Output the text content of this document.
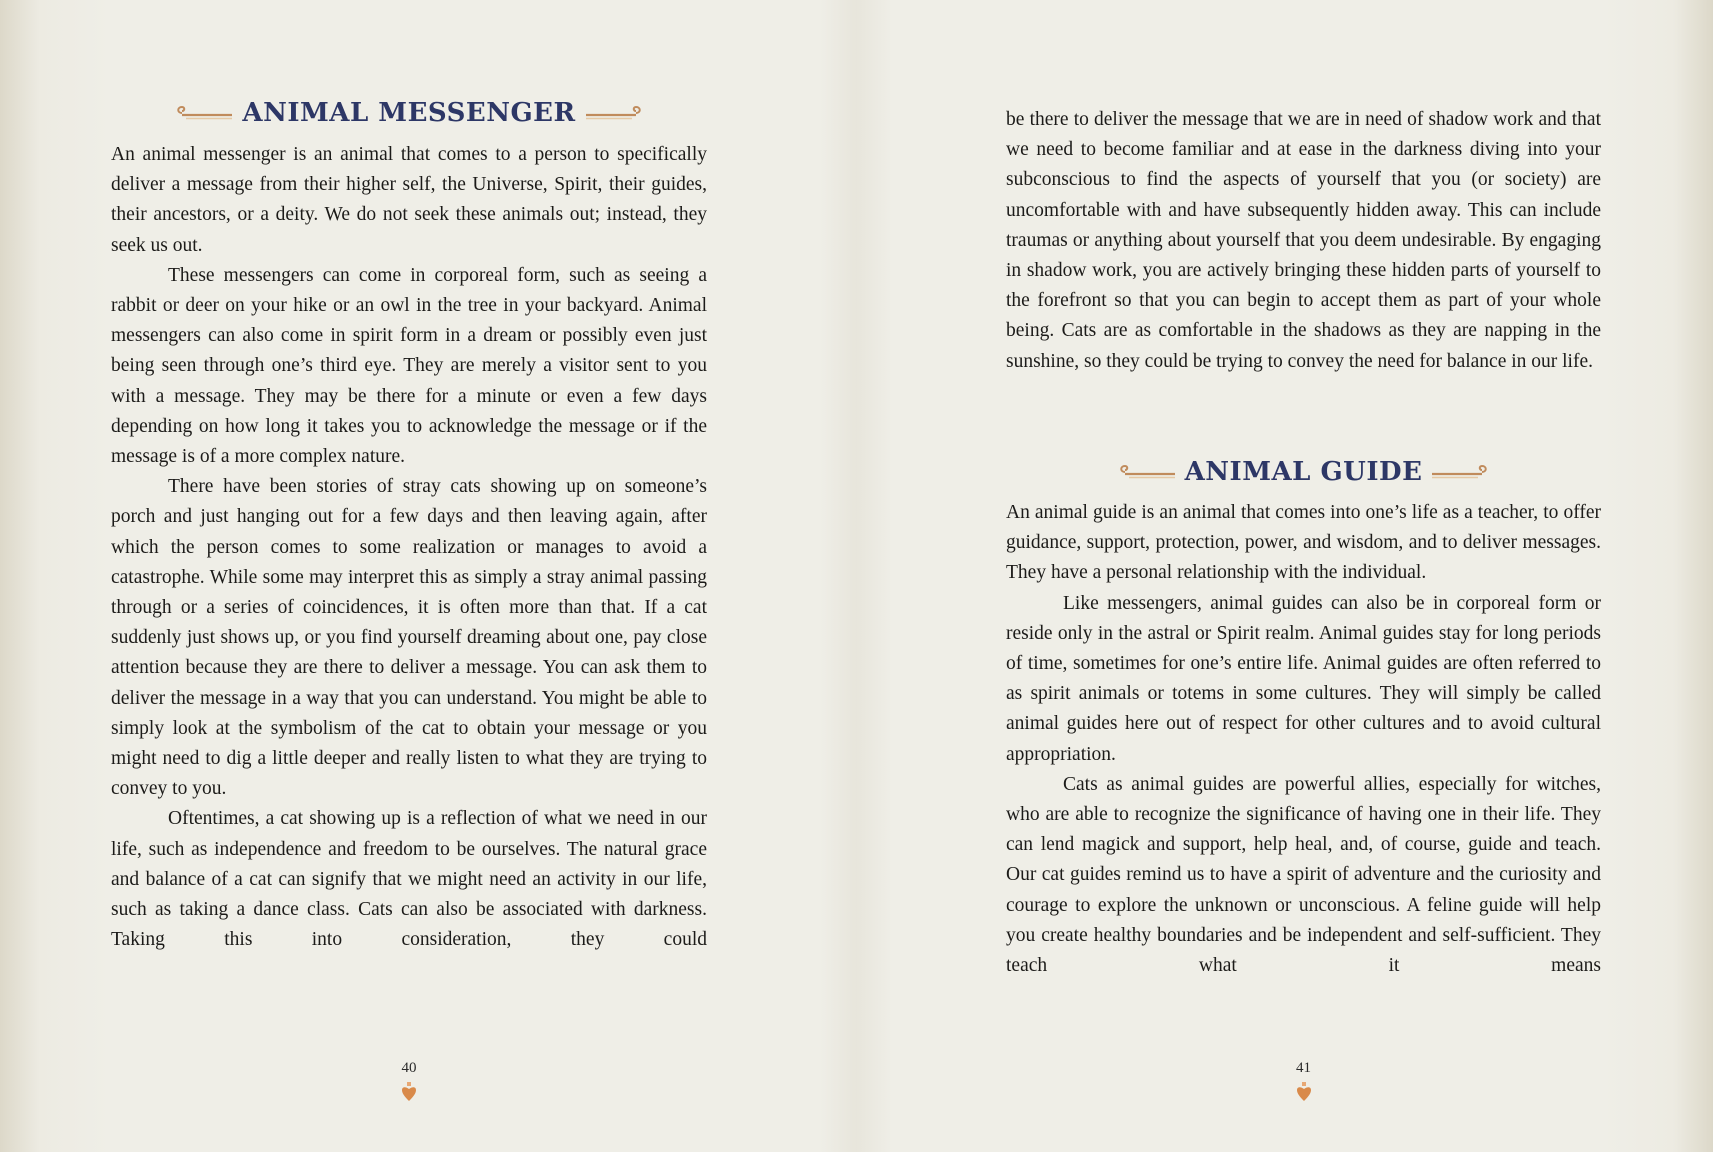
ANIMAL MESSENGER

An animal messenger is an animal that comes to a person to specifically deliver a message from their higher self, the Universe, Spirit, their guides, their ancestors, or a deity. We do not seek these animals out; instead, they seek us out.

These messengers can come in corporeal form, such as seeing a rabbit or deer on your hike or an owl in the tree in your backyard. Animal messengers can also come in spirit form in a dream or possibly even just being seen through one’s third eye. They are merely a visitor sent to you with a message. They may be there for a minute or even a few days depending on how long it takes you to acknowledge the message or if the message is of a more complex nature.

There have been stories of stray cats showing up on someone’s porch and just hanging out for a few days and then leaving again, after which the person comes to some realization or manages to avoid a catastrophe. While some may interpret this as simply a stray animal passing through or a series of coincidences, it is often more than that. If a cat suddenly just shows up, or you find yourself dreaming about one, pay close attention because they are there to deliver a message. You can ask them to deliver the message in a way that you can understand. You might be able to simply look at the symbolism of the cat to obtain your message or you might need to dig a little deeper and really listen to what they are trying to convey to you.

Oftentimes, a cat showing up is a reflection of what we need in our life, such as independence and freedom to be ourselves. The natural grace and balance of a cat can signify that we might need an activity in our life, such as taking a dance class. Cats can also be associated with darkness. Taking this into consideration, they could

40

be there to deliver the message that we are in need of shadow work and that we need to become familiar and at ease in the darkness diving into your subconscious to find the aspects of yourself that you (or society) are uncomfortable with and have subsequently hidden away. This can include traumas or anything about yourself that you deem undesirable. By engaging in shadow work, you are actively bringing these hidden parts of yourself to the forefront so that you can begin to accept them as part of your whole being. Cats are as comfortable in the shadows as they are napping in the sunshine, so they could be trying to convey the need for balance in our life.

ANIMAL GUIDE

An animal guide is an animal that comes into one’s life as a teacher, to offer guidance, support, protection, power, and wisdom, and to deliver messages. They have a personal relationship with the individual.

Like messengers, animal guides can also be in corporeal form or reside only in the astral or Spirit realm. Animal guides stay for long periods of time, sometimes for one’s entire life. Animal guides are often referred to as spirit animals or totems in some cultures. They will simply be called animal guides here out of respect for other cultures and to avoid cultural appropriation.

Cats as animal guides are powerful allies, especially for witches, who are able to recognize the significance of having one in their life. They can lend magick and support, help heal, and, of course, guide and teach. Our cat guides remind us to have a spirit of adventure and the curiosity and courage to explore the unknown or unconscious. A feline guide will help you create healthy boundaries and be independent and self-sufficient. They teach what it means

41
